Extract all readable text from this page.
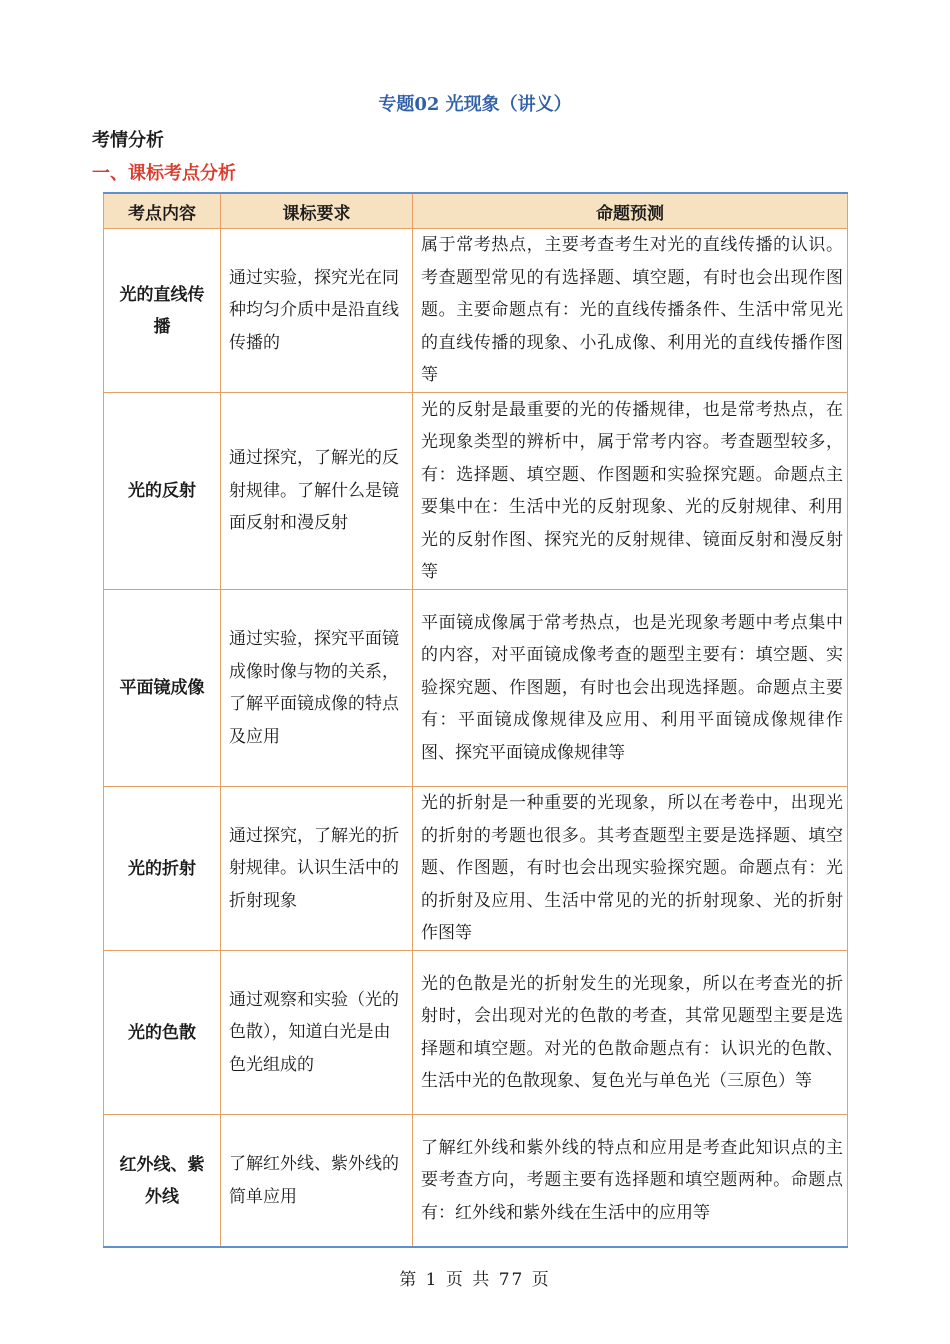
专题02 光现象（讲义）
考情分析
一、课标考点分析
考点内容	课标要求	命题预测
光的直线传播	通过实验，探究光在同种均匀介质中是沿直线传播的	属于常考热点，主要考查考生对光的直线传播的认识。考查题型常见的有选择题、填空题，有时也会出现作图题。主要命题点有：光的直线传播条件、生活中常见光的直线传播的现象、小孔成像、利用光的直线传播作图等
光的反射	通过探究，了解光的反射规律。了解什么是镜面反射和漫反射	光的反射是最重要的光的传播规律，也是常考热点，在光现象类型的辨析中，属于常考内容。考查题型较多，有：选择题、填空题、作图题和实验探究题。命题点主要集中在：生活中光的反射现象、光的反射规律、利用光的反射作图、探究光的反射规律、镜面反射和漫反射等
平面镜成像	通过实验，探究平面镜成像时像与物的关系，了解平面镜成像的特点及应用	平面镜成像属于常考热点，也是光现象考题中考点集中的内容，对平面镜成像考查的题型主要有：填空题、实验探究题、作图题，有时也会出现选择题。命题点主要有：平面镜成像规律及应用、利用平面镜成像规律作图、探究平面镜成像规律等
光的折射	通过探究，了解光的折射规律。认识生活中的折射现象	光的折射是一种重要的光现象，所以在考卷中，出现光的折射的考题也很多。其考查题型主要是选择题、填空题、作图题，有时也会出现实验探究题。命题点有：光的折射及应用、生活中常见的光的折射现象、光的折射作图等
光的色散	通过观察和实验（光的色散），知道白光是由色光组成的	光的色散是光的折射发生的光现象，所以在考查光的折射时，会出现对光的色散的考查，其常见题型主要是选择题和填空题。对光的色散命题点有：认识光的色散、生活中光的色散现象、复色光与单色光（三原色）等
红外线、紫外线	了解红外线、紫外线的简单应用	了解红外线和紫外线的特点和应用是考查此知识点的主要考查方向，考题主要有选择题和填空题两种。命题点有：红外线和紫外线在生活中的应用等
第 1 页 共 77 页
